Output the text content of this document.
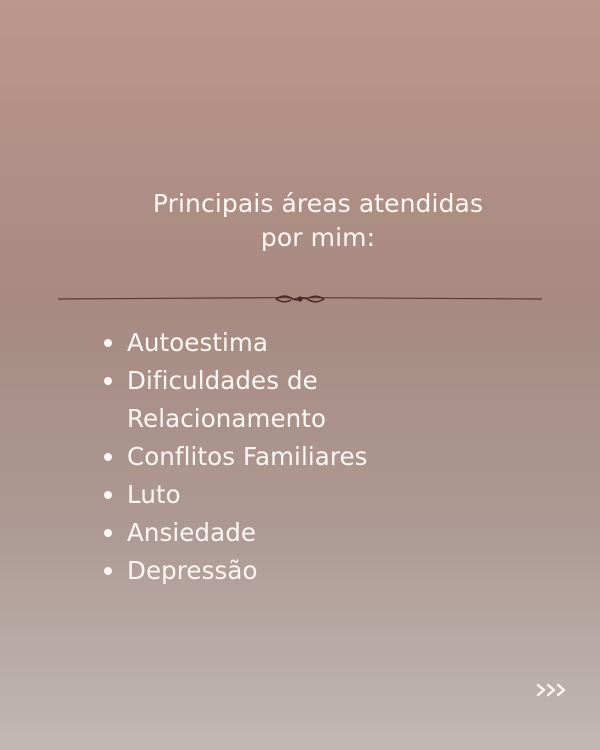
Principais áreas atendidas
por mim:
Autoestima
Dificuldades de Relacionamento
Conflitos Familiares
Luto
Ansiedade
Depressão
